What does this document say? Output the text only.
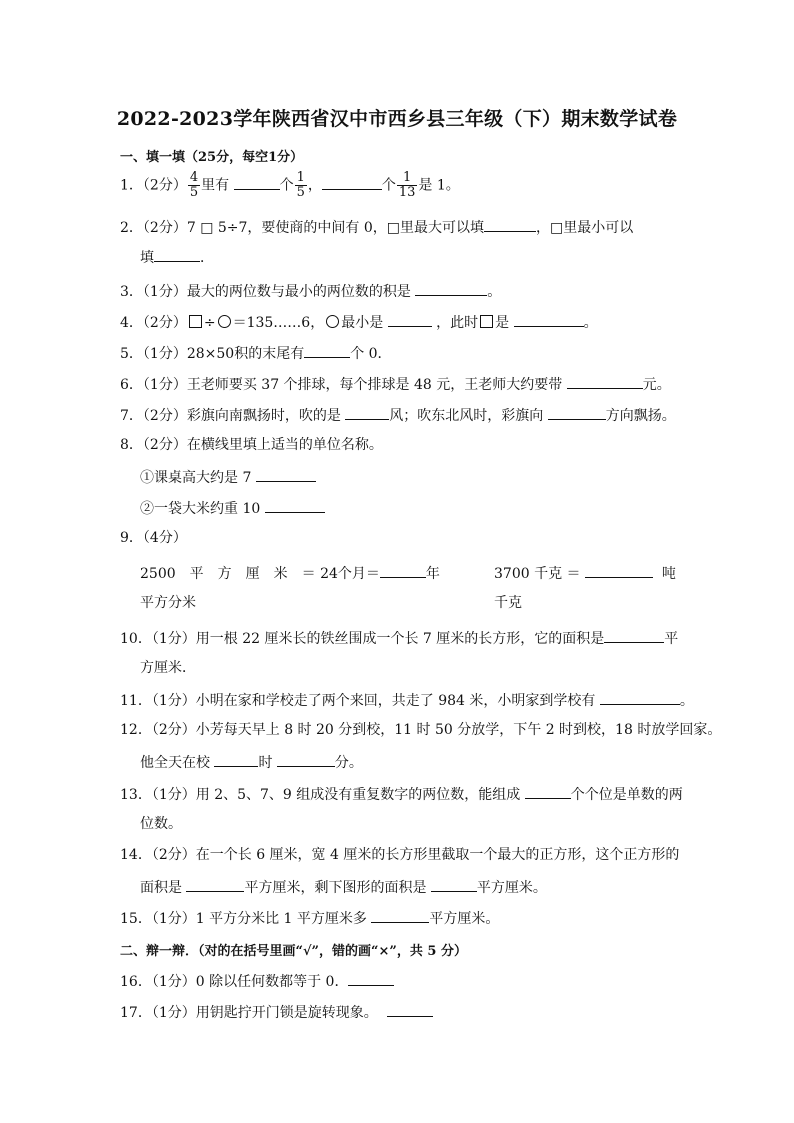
2022-2023学年陕西省汉中市西乡县三年级（下）期末数学试卷
一、填一填（25分，每空1分）
1．（2分） $\frac{4}{5}$ 里有	个 $\frac{1}{5}$ ，	个 $\frac{1}{13}$ 是 1。
2．（2分）7 □ 5÷7，要使商的中间有 0，□里最大可以填	，□里最小可以
填	．
3．（1分）最大的两位数与最小的两位数的积是	。
4．（2分） ÷ ＝135……6， 最小是	，此时 是	。
5．（1分）28×50积的末尾有	个 0．
6．（1分）王老师要买 37 个排球，每个排球是 48 元，王老师大约要带	元。
7．（2分）彩旗向南飘扬时，吹的是	风；吹东北风时，彩旗向	方向飘扬。
8．（2分）在横线里填上适当的单位名称。
①课桌高大约是 7
②一袋大米约重 10
9．（4分）
2500　平　方　厘　米　＝ 24个月＝	年	3700 千克 ＝	吨
平方分米	千克
10．（1分）用一根 22 厘米长的铁丝围成一个长 7 厘米的长方形，它的面积是	平
方厘米．
11．（1分）小明在家和学校走了两个来回，共走了 984 米，小明家到学校有	。
12．（2分）小芳每天早上 8 时 20 分到校，11 时 50 分放学，下午 2 时到校，18 时放学回家。
他全天在校	时	分。
13．（1分）用 2、5、7、9 组成没有重复数字的两位数，能组成	个个位是单数的两
位数。
14．（2分）在一个长 6 厘米，宽 4 厘米的长方形里截取一个最大的正方形，这个正方形的
面积是	平方厘米，剩下图形的面积是	平方厘米。
15．（1分）1 平方分米比 1 平方厘米多	平方厘米。
二、辩一辩．（对的在括号里画“√”，错的画“×”，共 5 分）
16．（1分）0 除以任何数都等于 0．
17．（1分）用钥匙拧开门锁是旋转现象。
